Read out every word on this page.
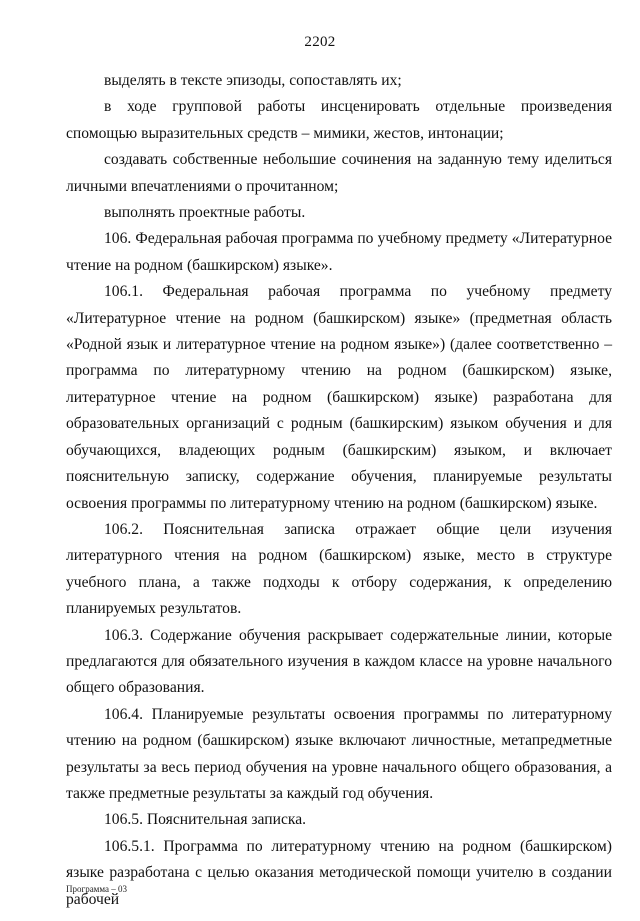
2202

выделять в тексте эпизоды, сопоставлять их;

в ходе групповой работы инсценировать отдельные произведения спомощью выразительных средств – мимики, жестов, интонации;

создавать собственные небольшие сочинения на заданную тему иделиться личными впечатлениями о прочитанном;

выполнять проектные работы.

106. Федеральная рабочая программа по учебному предмету «Литературное чтение на родном (башкирском) языке».

106.1. Федеральная рабочая программа по учебному предмету «Литературное чтение на родном (башкирском) языке» (предметная область «Родной язык и литературное чтение на родном языке») (далее соответственно – программа по литературному чтению на родном (башкирском) языке, литературное чтение на родном (башкирском) языке) разработана для образовательных организаций с родным (башкирским) языком обучения и для обучающихся, владеющих родным (башкирским) языком, и включает пояснительную записку, содержание обучения, планируемые результаты освоения программы по литературному чтению на родном (башкирском) языке.

106.2. Пояснительная записка отражает общие цели изучения литературного чтения на родном (башкирском) языке, место в структуре учебного плана, а также подходы к отбору содержания, к определению планируемых результатов.

106.3. Содержание обучения раскрывает содержательные линии, которые предлагаются для обязательного изучения в каждом классе на уровне начального общего образования.

106.4. Планируемые результаты освоения программы по литературному чтению на родном (башкирском) языке включают личностные, метапредметные результаты за весь период обучения на уровне начального общего образования, а также предметные результаты за каждый год обучения.

106.5. Пояснительная записка.

106.5.1. Программа по литературному чтению на родном (башкирском) языке разработана с целью оказания методической помощи учителю в создании рабочей

Программа – 03
